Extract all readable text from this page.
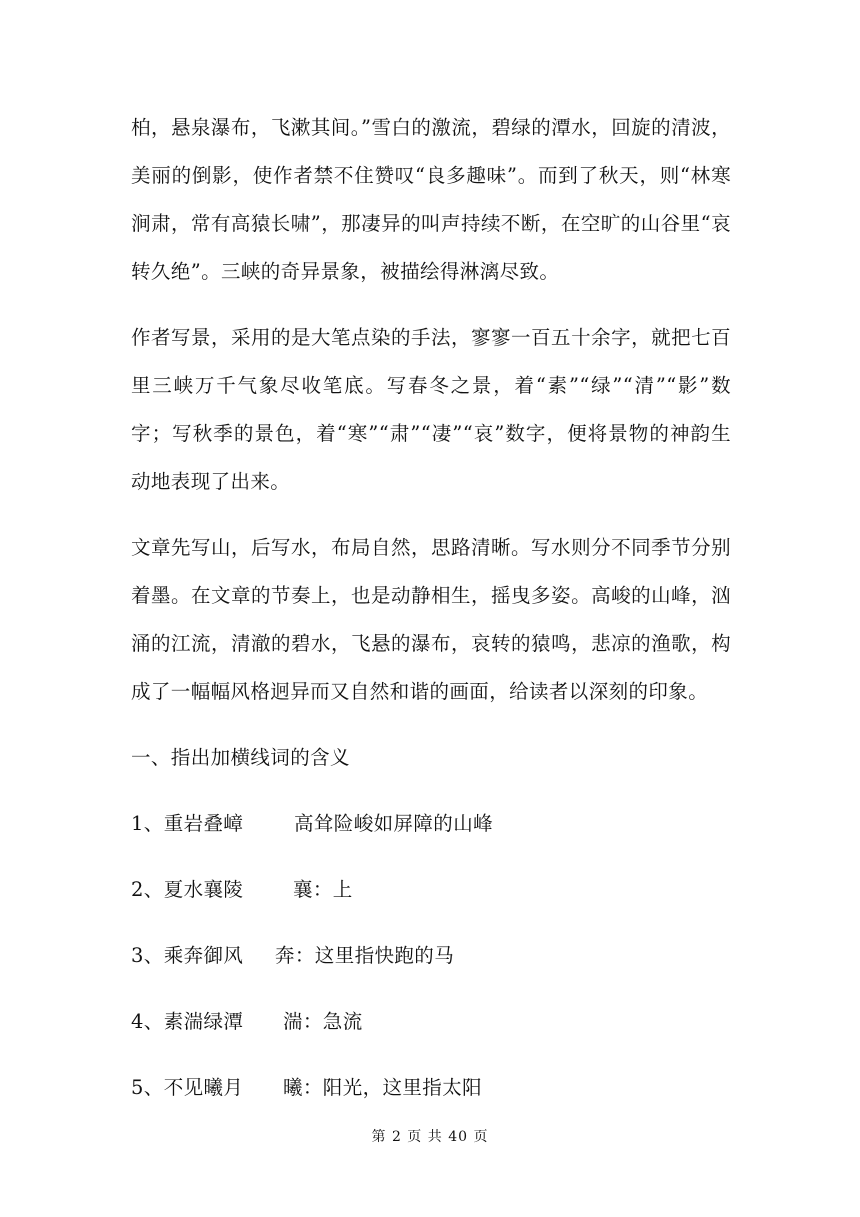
柏，悬泉瀑布，飞漱其间。”雪白的激流，碧绿的潭水，回旋的清波，美丽的倒影，使作者禁不住赞叹“良多趣味”。而到了秋天，则“林寒涧肃，常有高猿长啸”，那凄异的叫声持续不断，在空旷的山谷里“哀转久绝”。三峡的奇异景象，被描绘得淋漓尽致。

作者写景，采用的是大笔点染的手法，寥寥一百五十余字，就把七百里三峡万千气象尽收笔底。写春冬之景，着“素”“绿”“清”“影”数字；写秋季的景色，着“寒”“肃”“凄”“哀”数字，便将景物的神韵生动地表现了出来。

文章先写山，后写水，布局自然，思路清晰。写水则分不同季节分别着墨。在文章的节奏上，也是动静相生，摇曳多姿。高峻的山峰，汹涌的江流，清澈的碧水，飞悬的瀑布，哀转的猿鸣，悲凉的渔歌，构成了一幅幅风格迥异而又自然和谐的画面，给读者以深刻的印象。

一、指出加横线词的含义
1、重岩叠嶂	高耸险峻如屏障的山峰
2、夏水襄陵	襄：上
3、乘奔御风	奔：这里指快跑的马
4、素湍绿潭	湍：急流
5、不见曦月	曦：阳光，这里指太阳
第 2 页 共 40 页
